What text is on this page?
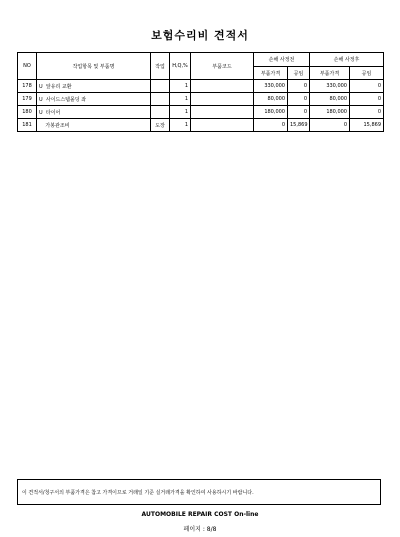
보험수리비 견적서
NO	작업항목 및 부품명	작업	H,Q,%	부품코드	손해 사정전		손해 사정후	
					부품가격	공임	부품가격	공임
178	U 앞유리 교환		1		330,000	0	330,000	0
179	U 사이드스텝몰딩 좌		1		80,000	0	80,000	0
180	U 타이어		1		180,000	0	180,000	0
181	가봉관조비	도장	1		0	15,869	0	15,869
이 견적서/청구서의 부품가격은 참고 가격이므로 거래일 기준 실거래가격을 확인하여 사용하시기 바랍니다.
AUTOMOBILE REPAIR COST On-line
페이지 : 8/8
